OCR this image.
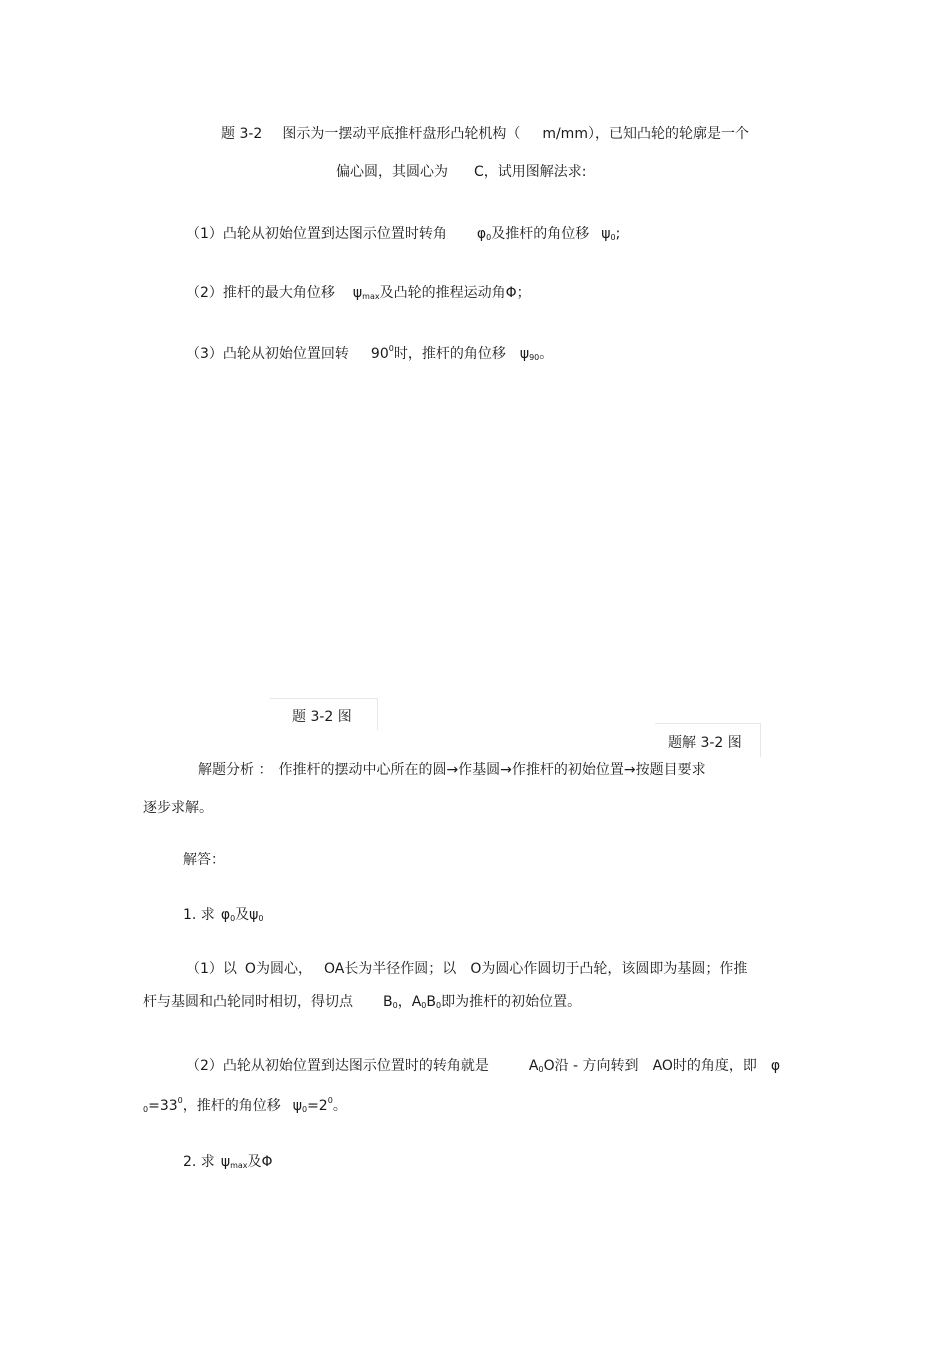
题 3-2 图示为一摆动平底推杆盘形凸轮机构（ m/mm），已知凸轮的轮廓是一个
偏心圆，其圆心为 C，试用图解法求:
（1）凸轮从初始位置到达图示位置时转角 φ0及推杆的角位移 ψ0;
（2）推杆的最大角位移 ψmax及凸轮的推程运动角Φ；
（3）凸轮从初始位置回转 $90^0$时，推杆的角位移 ψ90。
题 3-2 图
题解 3-2 图
解题分析 ： 作推杆的摆动中心所在的圆→作基圆→作推杆的初始位置→按题目要求
逐步求解。
解答：
1. 求 φ0及ψ0
（1）以 O为圆心， OA长为半径作圆；以 O为圆心作圆切于凸轮，该圆即为基圆；作推
杆与基圆和凸轮同时相切，得切点 B0，A0B0即为推杆的初始位置。
（2）凸轮从初始位置到达图示位置时的转角就是	A0O沿 - 方向转到 AO时的角度，即 φ
$0=33^0$，推杆的角位移 $\psi 0=2^0$。
2. 求 ψmax及Φ
